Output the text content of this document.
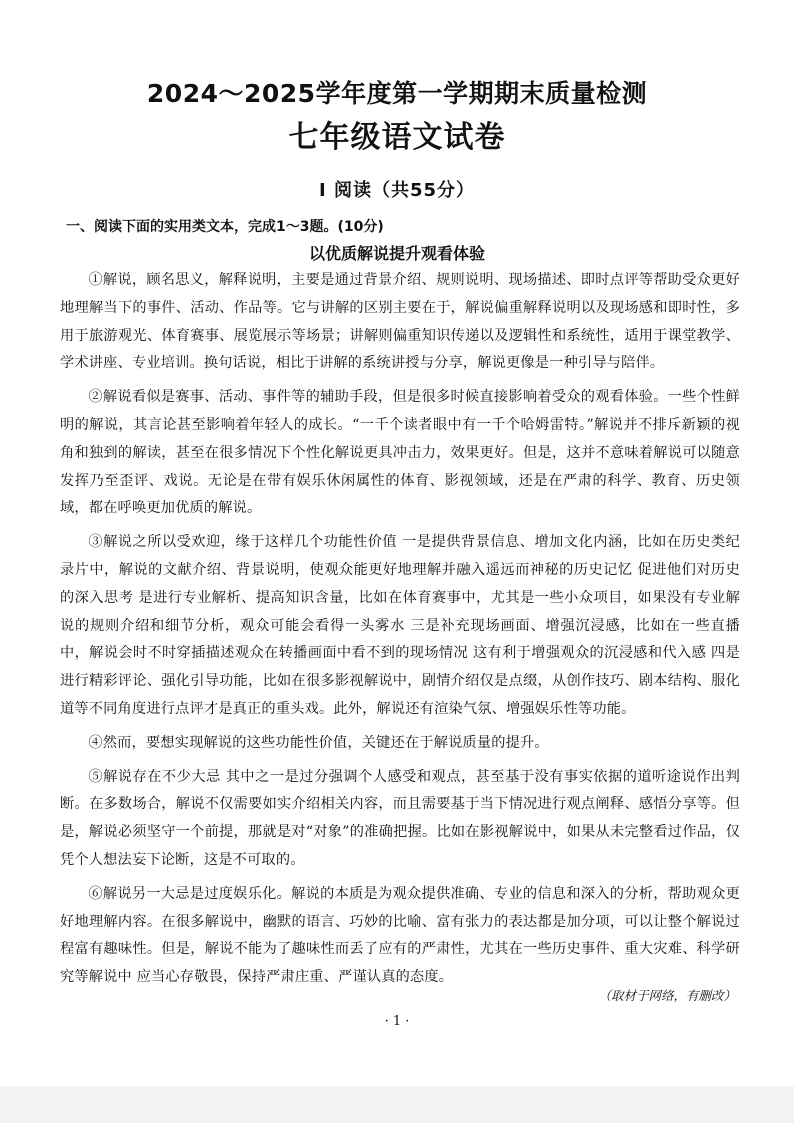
2024～2025学年度第一学期期末质量检测
七年级语文试卷
Ⅰ 阅读（共55分）
一、阅读下面的实用类文本，完成1～3题。(10分)
以优质解说提升观看体验

①解说，顾名思义，解释说明，主要是通过背景介绍、规则说明、现场描述、即时点评等帮助受众更好地理解当下的事件、活动、作品等。它与讲解的区别主要在于，解说偏重解释说明以及现场感和即时性，多用于旅游观光、体育赛事、展览展示等场景；讲解则偏重知识传递以及逻辑性和系统性，适用于课堂教学、学术讲座、专业培训。换句话说，相比于讲解的系统讲授与分享，解说更像是一种引导与陪伴。

②解说看似是赛事、活动、事件等的辅助手段，但是很多时候直接影响着受众的观看体验。一些个性鲜明的解说，其言论甚至影响着年轻人的成长。“一千个读者眼中有一千个哈姆雷特。”解说并不排斥新颖的视角和独到的解读，甚至在很多情况下个性化解说更具冲击力，效果更好。但是，这并不意味着解说可以随意发挥乃至歪评、戏说。无论是在带有娱乐休闲属性的体育、影视领域，还是在严肃的科学、教育、历史领域，都在呼唤更加优质的解说。

③解说之所以受欢迎，缘于这样几个功能性价值 一是提供背景信息、增加文化内涵，比如在历史类纪录片中，解说的文献介绍、背景说明，使观众能更好地理解并融入遥远而神秘的历史记忆 促进他们对历史的深入思考 是进行专业解析、提高知识含量，比如在体育赛事中，尤其是一些小众项目，如果没有专业解说的规则介绍和细节分析，观众可能会看得一头雾水 三是补充现场画面、增强沉浸感，比如在一些直播中，解说会时不时穿插描述观众在转播画面中看不到的现场情况 这有利于增强观众的沉浸感和代入感 四是进行精彩评论、强化引导功能，比如在很多影视解说中，剧情介绍仅是点缀，从创作技巧、剧本结构、服化道等不同角度进行点评才是真正的重头戏。此外，解说还有渲染气氛、增强娱乐性等功能。

④然而，要想实现解说的这些功能性价值，关键还在于解说质量的提升。

⑤解说存在不少大忌 其中之一是过分强调个人感受和观点，甚至基于没有事实依据的道听途说作出判断。在多数场合，解说不仅需要如实介绍相关内容，而且需要基于当下情况进行观点阐释、感悟分享等。但是，解说必须坚守一个前提，那就是对“对象”的准确把握。比如在影视解说中，如果从未完整看过作品，仅凭个人想法妄下论断，这是不可取的。

⑥解说另一大忌是过度娱乐化。解说的本质是为观众提供准确、专业的信息和深入的分析，帮助观众更好地理解内容。在很多解说中，幽默的语言、巧妙的比喻、富有张力的表达都是加分项，可以让整个解说过程富有趣味性。但是，解说不能为了趣味性而丢了应有的严肃性，尤其在一些历史事件、重大灾难、科学研究等解说中 应当心存敬畏，保持严肃庄重、严谨认真的态度。

（取材于网络，有删改）
· 1 ·
